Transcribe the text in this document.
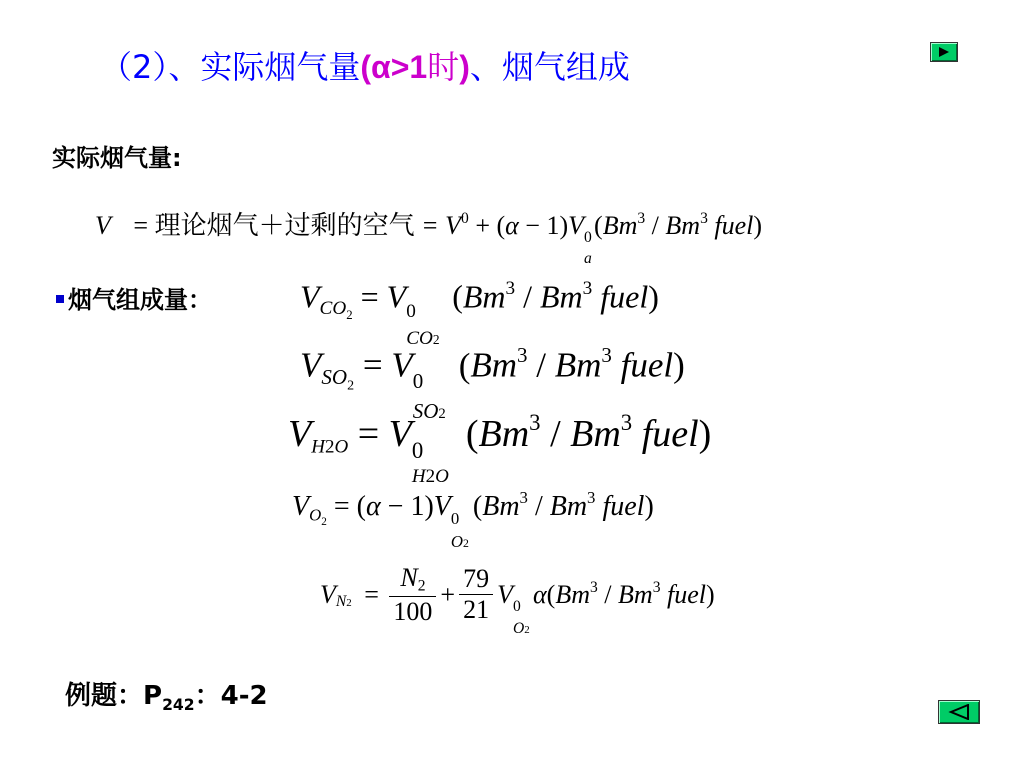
（2）、实际烟气量(α>1时)、烟气组成
实际烟气量:
V = 理论烟气＋过剩的空气 = $V^0 + (\alpha - 1)V$ 0
a
(Bm$^3$ / Bm$^3$ fuel)
烟气组成量：	$V_{CO2} = V$ 0
CO2
(Bm$^3$ / Bm$^3$ fuel)
$V_{SO2} = V$ 0
SO2
(Bm$^3$ / Bm$^3$ fuel)
VH2O = V 0
H2O
(Bm$^3$ / Bm$^3$ fuel)
$V_{O2} = (\alpha - 1)V$ 0
O2
(Bm$^3$ / Bm$^3$ fuel)
$VN2 = \frac{N2}{100} + \frac{79}{21}$ V 0
O2
α(Bm$^3$ / Bm$^3$ fuel)
例题：$P_{242}$：4-2
